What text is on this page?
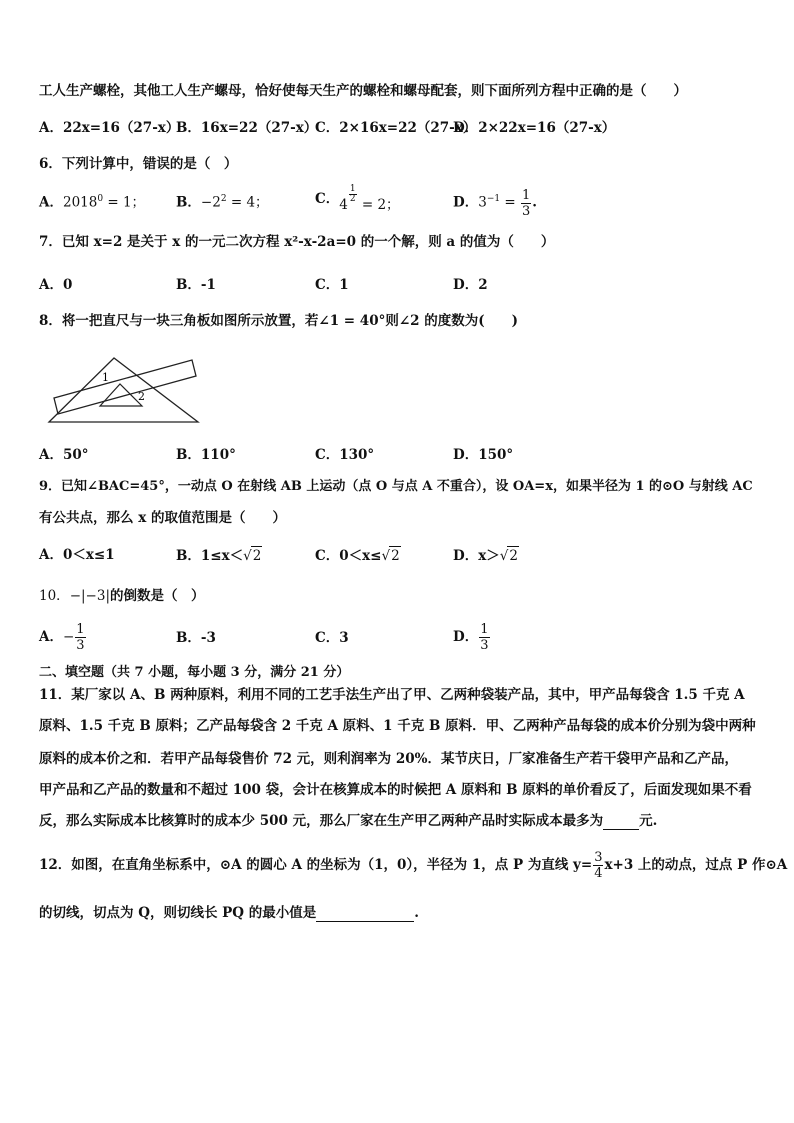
工人生产螺栓，其他工人生产螺母，恰好使每天生产的螺栓和螺母配套，则下面所列方程中正确的是（　　）
A．22x=16（27-x）
B．16x=22（27-x）
C．2×16x=22（27-x）
D．2×22x=16（27-x）
6．下列计算中，错误的是（　）
A．$2018^0 = 1$； B．$-2^2 = 4$；	C．4
$\frac{1}{2}$
= 2；	D．$3^{-1} = \frac{1}{3}$ .
7．已知 x=2 是关于 x 的一元二次方程 x²-x-2a=0 的一个解，则 a 的值为（　　）
A．0	B．-1	C．1	D．2
8．将一把直尺与一块三角板如图所示放置，若∠1 = 40°则∠2 的度数为(　　)
1
2
A．50°	B．110°	C．130°	D．150°
9．已知∠BAC=45°，一动点 O 在射线 AB 上运动（点 O 与点 A 不重合），设 OA=x，如果半径为 1 的⊙O 与射线 AC
有公共点，那么 x 的取值范围是（　　）
A．0＜x≤1	B．1≤x＜√2	C．0＜x≤√2	D．x＞√2
10．−|−3|的倒数是（　）
A．− $\frac{1}{3}$	B．-3	C．3	D． $\frac{1}{3}$
二、填空题（共 7 小题，每小题 3 分，满分 21 分）
11．某厂家以 A、B 两种原料，利用不同的工艺手法生产出了甲、乙两种袋装产品，其中，甲产品每袋含 1.5 千克 A
原料、1.5 千克 B 原料；乙产品每袋含 2 千克 A 原料、1 千克 B 原料．甲、乙两种产品每袋的成本价分别为袋中两种
原料的成本价之和．若甲产品每袋售价 72 元，则利润率为 20%．某节庆日，厂家准备生产若干袋甲产品和乙产品，
甲产品和乙产品的数量和不超过 100 袋，会计在核算成本的时候把 A 原料和 B 原料的单价看反了，后面发现如果不看
反，那么实际成本比核算时的成本少 500 元，那么厂家在生产甲乙两种产品时实际成本最多为	元.
12．如图，在直角坐标系中，⊙A 的圆心 A 的坐标为（1，0），半径为 1，点 P 为直线 $y= \frac{3}{4} x+3$ 上的动点，过点 P 作⊙A
的切线，切点为 Q，则切线长 PQ 的最小值是	.
